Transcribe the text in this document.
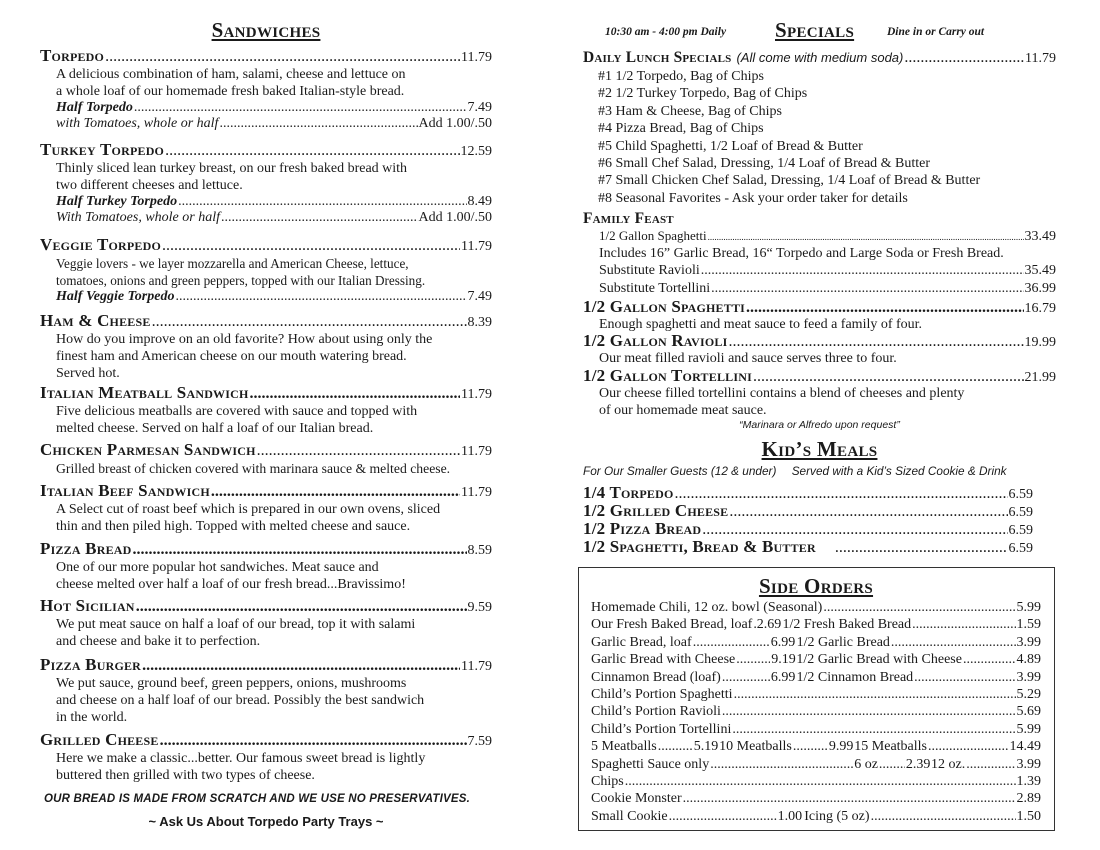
Sandwiches
Torpedo .....	11.79
A delicious combination of ham, salami, cheese and lettuce on
a whole loaf of our homemade fresh baked Italian-style bread.
Half Torpedo .....	7.49
with Tomatoes, whole or half .....	Add 1.00/.50
Turkey Torpedo .....	12.59
Thinly sliced lean turkey breast, on our fresh baked bread with
two different cheeses and lettuce.
Half Turkey Torpedo .....	8.49
With Tomatoes, whole or half .....	Add 1.00/.50
Veggie Torpedo .....	11.79
Veggie lovers - we layer mozzarella and American Cheese, lettuce,
tomatoes, onions and green peppers, topped with our Italian Dressing.
Half Veggie Torpedo .....	7.49
Ham & Cheese .....	8.39
How do you improve on an old favorite? How about using only the
finest ham and American cheese on our mouth watering bread.
Served hot.
Italian Meatball Sandwich .....	11.79
Five delicious meatballs are covered with sauce and topped with
melted cheese. Served on half a loaf of our Italian bread.
Chicken Parmesan Sandwich .....	11.79
Grilled breast of chicken covered with marinara sauce & melted cheese.
Italian Beef Sandwich .....	11.79
A Select cut of roast beef which is prepared in our own ovens, sliced
thin and then piled high. Topped with melted cheese and sauce.
Pizza Bread .....	8.59
One of our more popular hot sandwiches. Meat sauce and
cheese melted over half a loaf of our fresh bread...Bravissimo!
Hot Sicilian .....	9.59
We put meat sauce on half a loaf of our bread, top it with salami
and cheese and bake it to perfection.
Pizza Burger .....	11.79
We put sauce, ground beef, green peppers, onions, mushrooms
and cheese on a half loaf of our bread. Possibly the best sandwich
in the world.
Grilled Cheese .....	7.59
Here we make a classic...better. Our famous sweet bread is lightly
buttered then grilled with two types of cheese.
OUR BREAD IS MADE FROM SCRATCH AND WE USE NO PRESERVATIVES.
~ Ask Us About Torpedo Party Trays ~
10:30 am - 4:00 pm Daily Specials	Dine in or Carry out
Daily Lunch Specials (All come with medium soda) .....	11.79
#1 1/2 Torpedo, Bag of Chips
#2 1/2 Turkey Torpedo, Bag of Chips
#3 Ham & Cheese, Bag of Chips
#4 Pizza Bread, Bag of Chips
#5 Child Spaghetti, 1/2 Loaf of Bread & Butter
#6 Small Chef Salad, Dressing, 1/4 Loaf of Bread & Butter
#7 Small Chicken Chef Salad, Dressing, 1/4 Loaf of Bread & Butter
#8 Seasonal Favorites - Ask your order taker for details
Family Feast
1/2 Gallon Spaghetti .....	33.49
Includes 16” Garlic Bread, 16“ Torpedo and Large Soda or Fresh Bread.
Substitute Ravioli .....	35.49
Substitute Tortellini .....	36.99
1/2 Gallon Spaghetti .....	16.79
Enough spaghetti and meat sauce to feed a family of four.
1/2 Gallon Ravioli .....	19.99
Our meat filled ravioli and sauce serves three to four.
1/2 Gallon Tortellini .....	21.99
Our cheese filled tortellini contains a blend of cheeses and plenty
of our homemade meat sauce.
“Marinara or Alfredo upon request”
Kid’s Meals
For Our Smaller Guests (12 & under) Served with a Kid’s Sized Cookie & Drink
1/4 Torpedo .....	6.59
1/2 Grilled Cheese .....	6.59
1/2 Pizza Bread .....	6.59
1/2 Spaghetti, Bread & Butter .....	6.59
Side Orders
Homemade Chili, 12 oz. bowl (Seasonal) .....	5.99
Our Fresh Baked Bread, loaf ..... 2.69 1/2 Fresh Baked Bread .....	1.59
Garlic Bread, loaf .....	6.99 1/2 Garlic Bread .....	3.99
Garlic Bread with Cheese .....	9.19 1/2 Garlic Bread with Cheese .....	4.89
Cinnamon Bread (loaf) .....	6.99 1/2 Cinnamon Bread .....	3.99
Child’s Portion Spaghetti .....	5.29
Child’s Portion Ravioli .....	5.69
Child’s Portion Tortellini .....	5.99
5 Meatballs .....	5.19 10 Meatballs .....	9.99 15 Meatballs .....	14.49
Spaghetti Sauce only .....	6 oz ..... 2.39 12 oz. .....	3.99
Chips .....	1.39
Cookie Monster .....	2.89
Small Cookie .....	1.00 Icing (5 oz) .....	1.50
